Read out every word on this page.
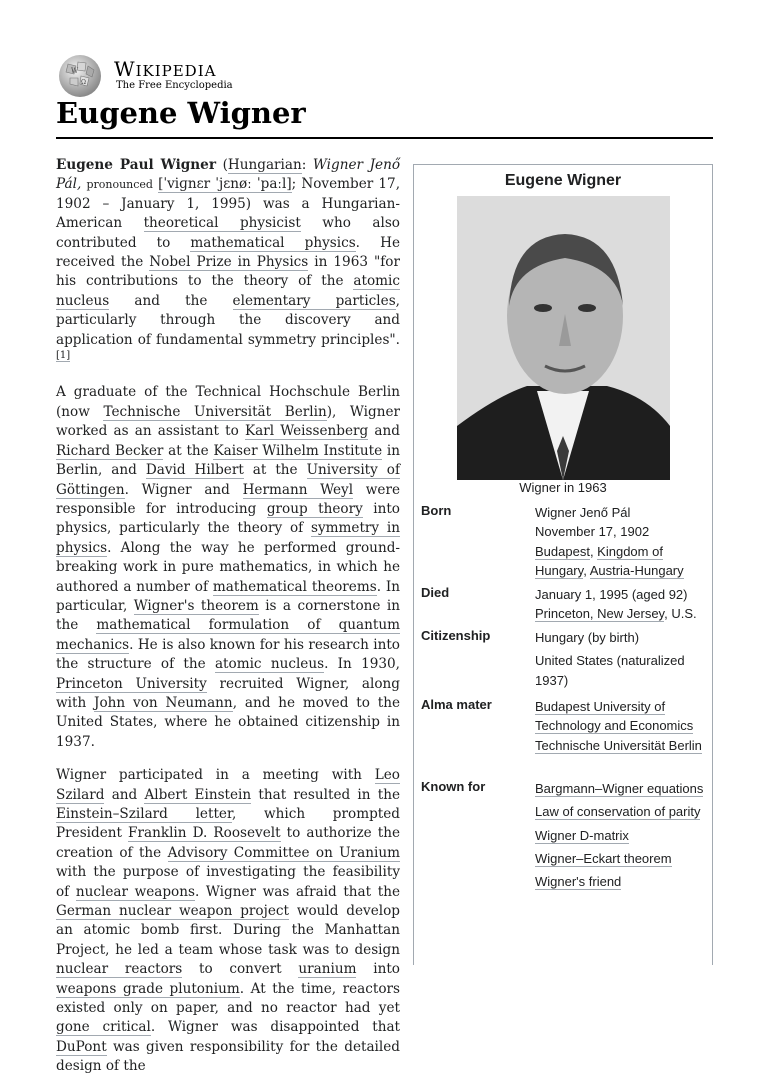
W
Ω
WIKIPEDIA
The Free Encyclopedia
Eugene Wigner

Eugene Paul Wigner (Hungarian: Wigner Jenő Pál, pronounced [ˈviɡnɛr ˈjɛnøː ˈpaːl]; November 17, 1902 – January 1, 1995) was a Hungarian-American theoretical physicist who also contributed to mathematical physics. He received the Nobel Prize in Physics in 1963 "for his contributions to the theory of the atomic nucleus and the elementary particles, particularly through the discovery and application of fundamental symmetry principles".[1]

A graduate of the Technical Hochschule Berlin (now Technische Universität Berlin), Wigner worked as an assistant to Karl Weissenberg and Richard Becker at the Kaiser Wilhelm Institute in Berlin, and David Hilbert at the University of Göttingen. Wigner and Hermann Weyl were responsible for introducing group theory into physics, particularly the theory of symmetry in physics. Along the way he performed ground-breaking work in pure mathematics, in which he authored a number of mathematical theorems. In particular, Wigner's theorem is a cornerstone in the mathematical formulation of quantum mechanics. He is also known for his research into the structure of the atomic nucleus. In 1930, Princeton University recruited Wigner, along with John von Neumann, and he moved to the United States, where he obtained citizenship in 1937.

Wigner participated in a meeting with Leo Szilard and Albert Einstein that resulted in the Einstein–Szilard letter, which prompted President Franklin D. Roosevelt to authorize the creation of the Advisory Committee on Uranium with the purpose of investigating the feasibility of nuclear weapons. Wigner was afraid that the German nuclear weapon project would develop an atomic bomb first. During the Manhattan Project, he led a team whose task was to design nuclear reactors to convert uranium into weapons grade plutonium. At the time, reactors existed only on paper, and no reactor had yet gone critical. Wigner was disappointed that DuPont was given responsibility for the detailed design of the

Eugene Wigner
Wigner in 1963
Born	Wigner Jenő Pál
November 17, 1902
Budapest, Kingdom of Hungary, Austria-Hungary
Died	January 1, 1995 (aged 92)
Princeton, New Jersey, U.S.
Citizenship	Hungary (by birth)
United States (naturalized 1937)
Alma mater	Budapest University of Technology and Economics
Technische Universität Berlin
Known for	Bargmann–Wigner equations
Law of conservation of parity
Wigner D-matrix
Wigner–Eckart theorem
Wigner's friend
